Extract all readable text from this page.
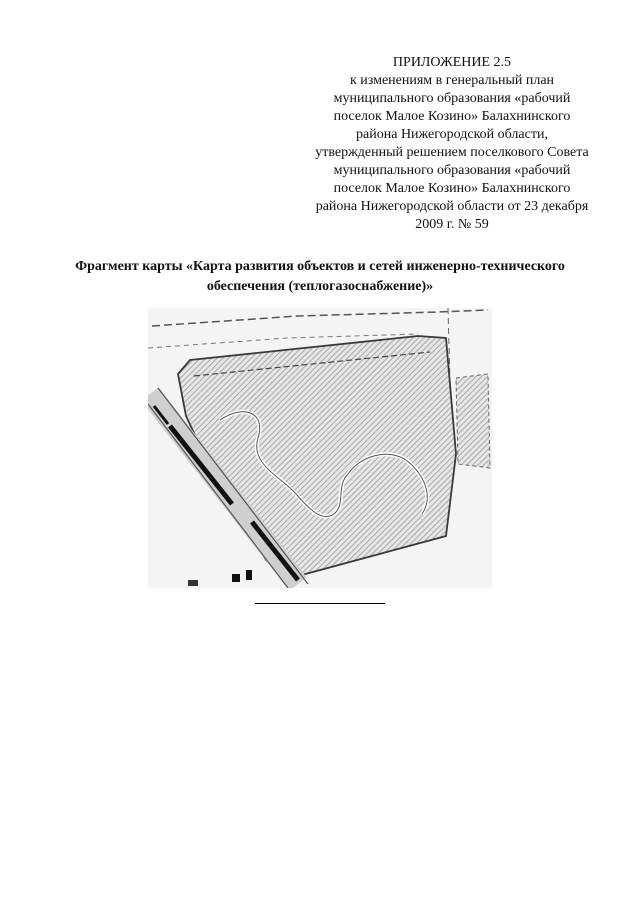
ПРИЛОЖЕНИЕ 2.5
к изменениям в генеральный план
муниципального образования «рабочий
поселок Малое Козино» Балахнинского
района Нижегородской области,
утвержденный решением поселкового Совета
муниципального образования «рабочий
поселок Малое Козино» Балахнинского
района Нижегородской области от 23 декабря
2009 г. № 59
Фрагмент карты «Карта развития объектов и сетей инженерно-технического
обеспечения (теплогазоснабжение)»
